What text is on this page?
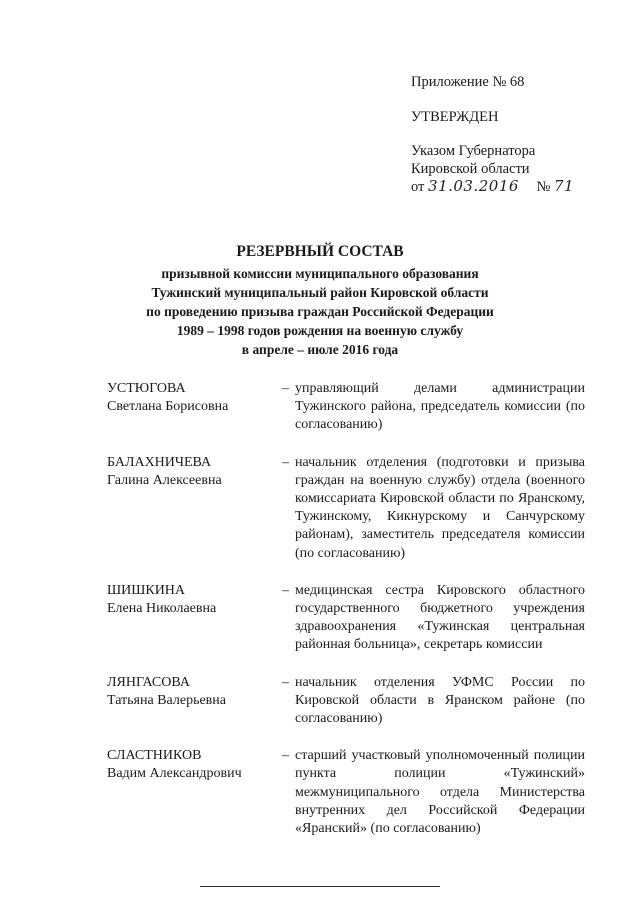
Приложение № 68
УТВЕРЖДЕН
Указом Губернатора
Кировской области
от 31.03.2016 № 71
РЕЗЕРВНЫЙ СОСТАВ
призывной комиссии муниципального образования
Тужинский муниципальный район Кировской области
по проведению призыва граждан Российской Федерации
1989 – 1998 годов рождения на военную службу
в апреле – июле 2016 года
УСТЮГОВА
Светлана Борисовна
– управляющий делами администрации Тужинского района, председатель комиссии (по согласованию)
БАЛАХНИЧЕВА
Галина Алексеевна
– начальник отделения (подготовки и призыва граждан на военную службу) отдела (военного комиссариата Кировской области по Яранскому, Тужинскому, Кикнурскому и Санчурскому районам), заместитель председателя комиссии (по согласованию)
ШИШКИНА
Елена Николаевна
– медицинская сестра Кировского областного государственного бюджетного учреждения здравоохранения «Тужинская центральная районная больница», секретарь комиссии
ЛЯНГАСОВА
Татьяна Валерьевна
– начальник отделения УФМС России по Кировской области в Яранском районе (по согласованию)
СЛАСТНИКОВ
Вадим Александрович
– старший участковый уполномоченный полиции пункта полиции «Тужинский» межмуниципального отдела Министерства внутренних дел Российской Федерации «Яранский» (по согласованию)
